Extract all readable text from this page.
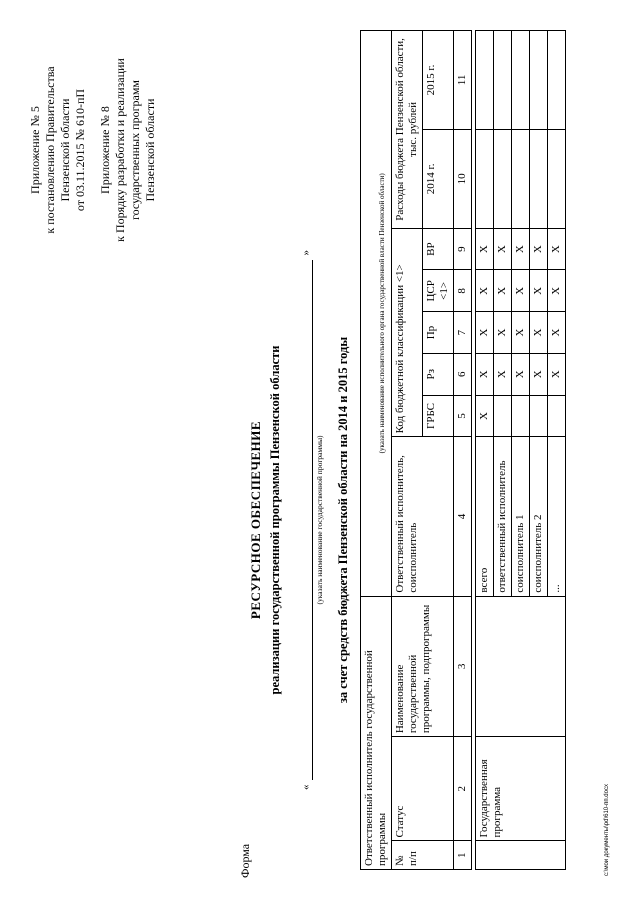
Форма
Приложение № 5 к постановлению Правительства Пензенской области от 03.11.2015 № 610-пП Приложение № 8 к Порядку разработки и реализации государственных программ Пензенской области
РЕСУРСНОЕ ОБЕСПЕЧЕНИЕ реализации государственной программы Пензенской области
«
»
(указать наименование государственной программы) за счет средств бюджета Пензенской области на 2014 и 2015 годы
Ответственный исполнитель государственной программы			(указать наименование исполнительного органа государственной власти Пензенской области)							
№ п/п	Статус	Наименование государственной программы, подпрограммы	Ответственный исполнитель, соисполнитель	Код бюджетной классификации <1>					Расходы бюджета Пензенской области, тыс. рублей	
				ГРБС	Рз	Пр	ЦСР <1>	ВР	2014 г.	2015 г.
1	2	3	4	5	6	7	8	9	10	11

	Государственная программа		всего	X	X	X	X	X		
			ответственный исполнитель		X	X	X	X		
			соисполнитель 1		X	X	X	X		
			соисполнитель 2		X	X	X	X		
			...		X	X	X	X		
c:\мои документы\pd\610-пп.docx
